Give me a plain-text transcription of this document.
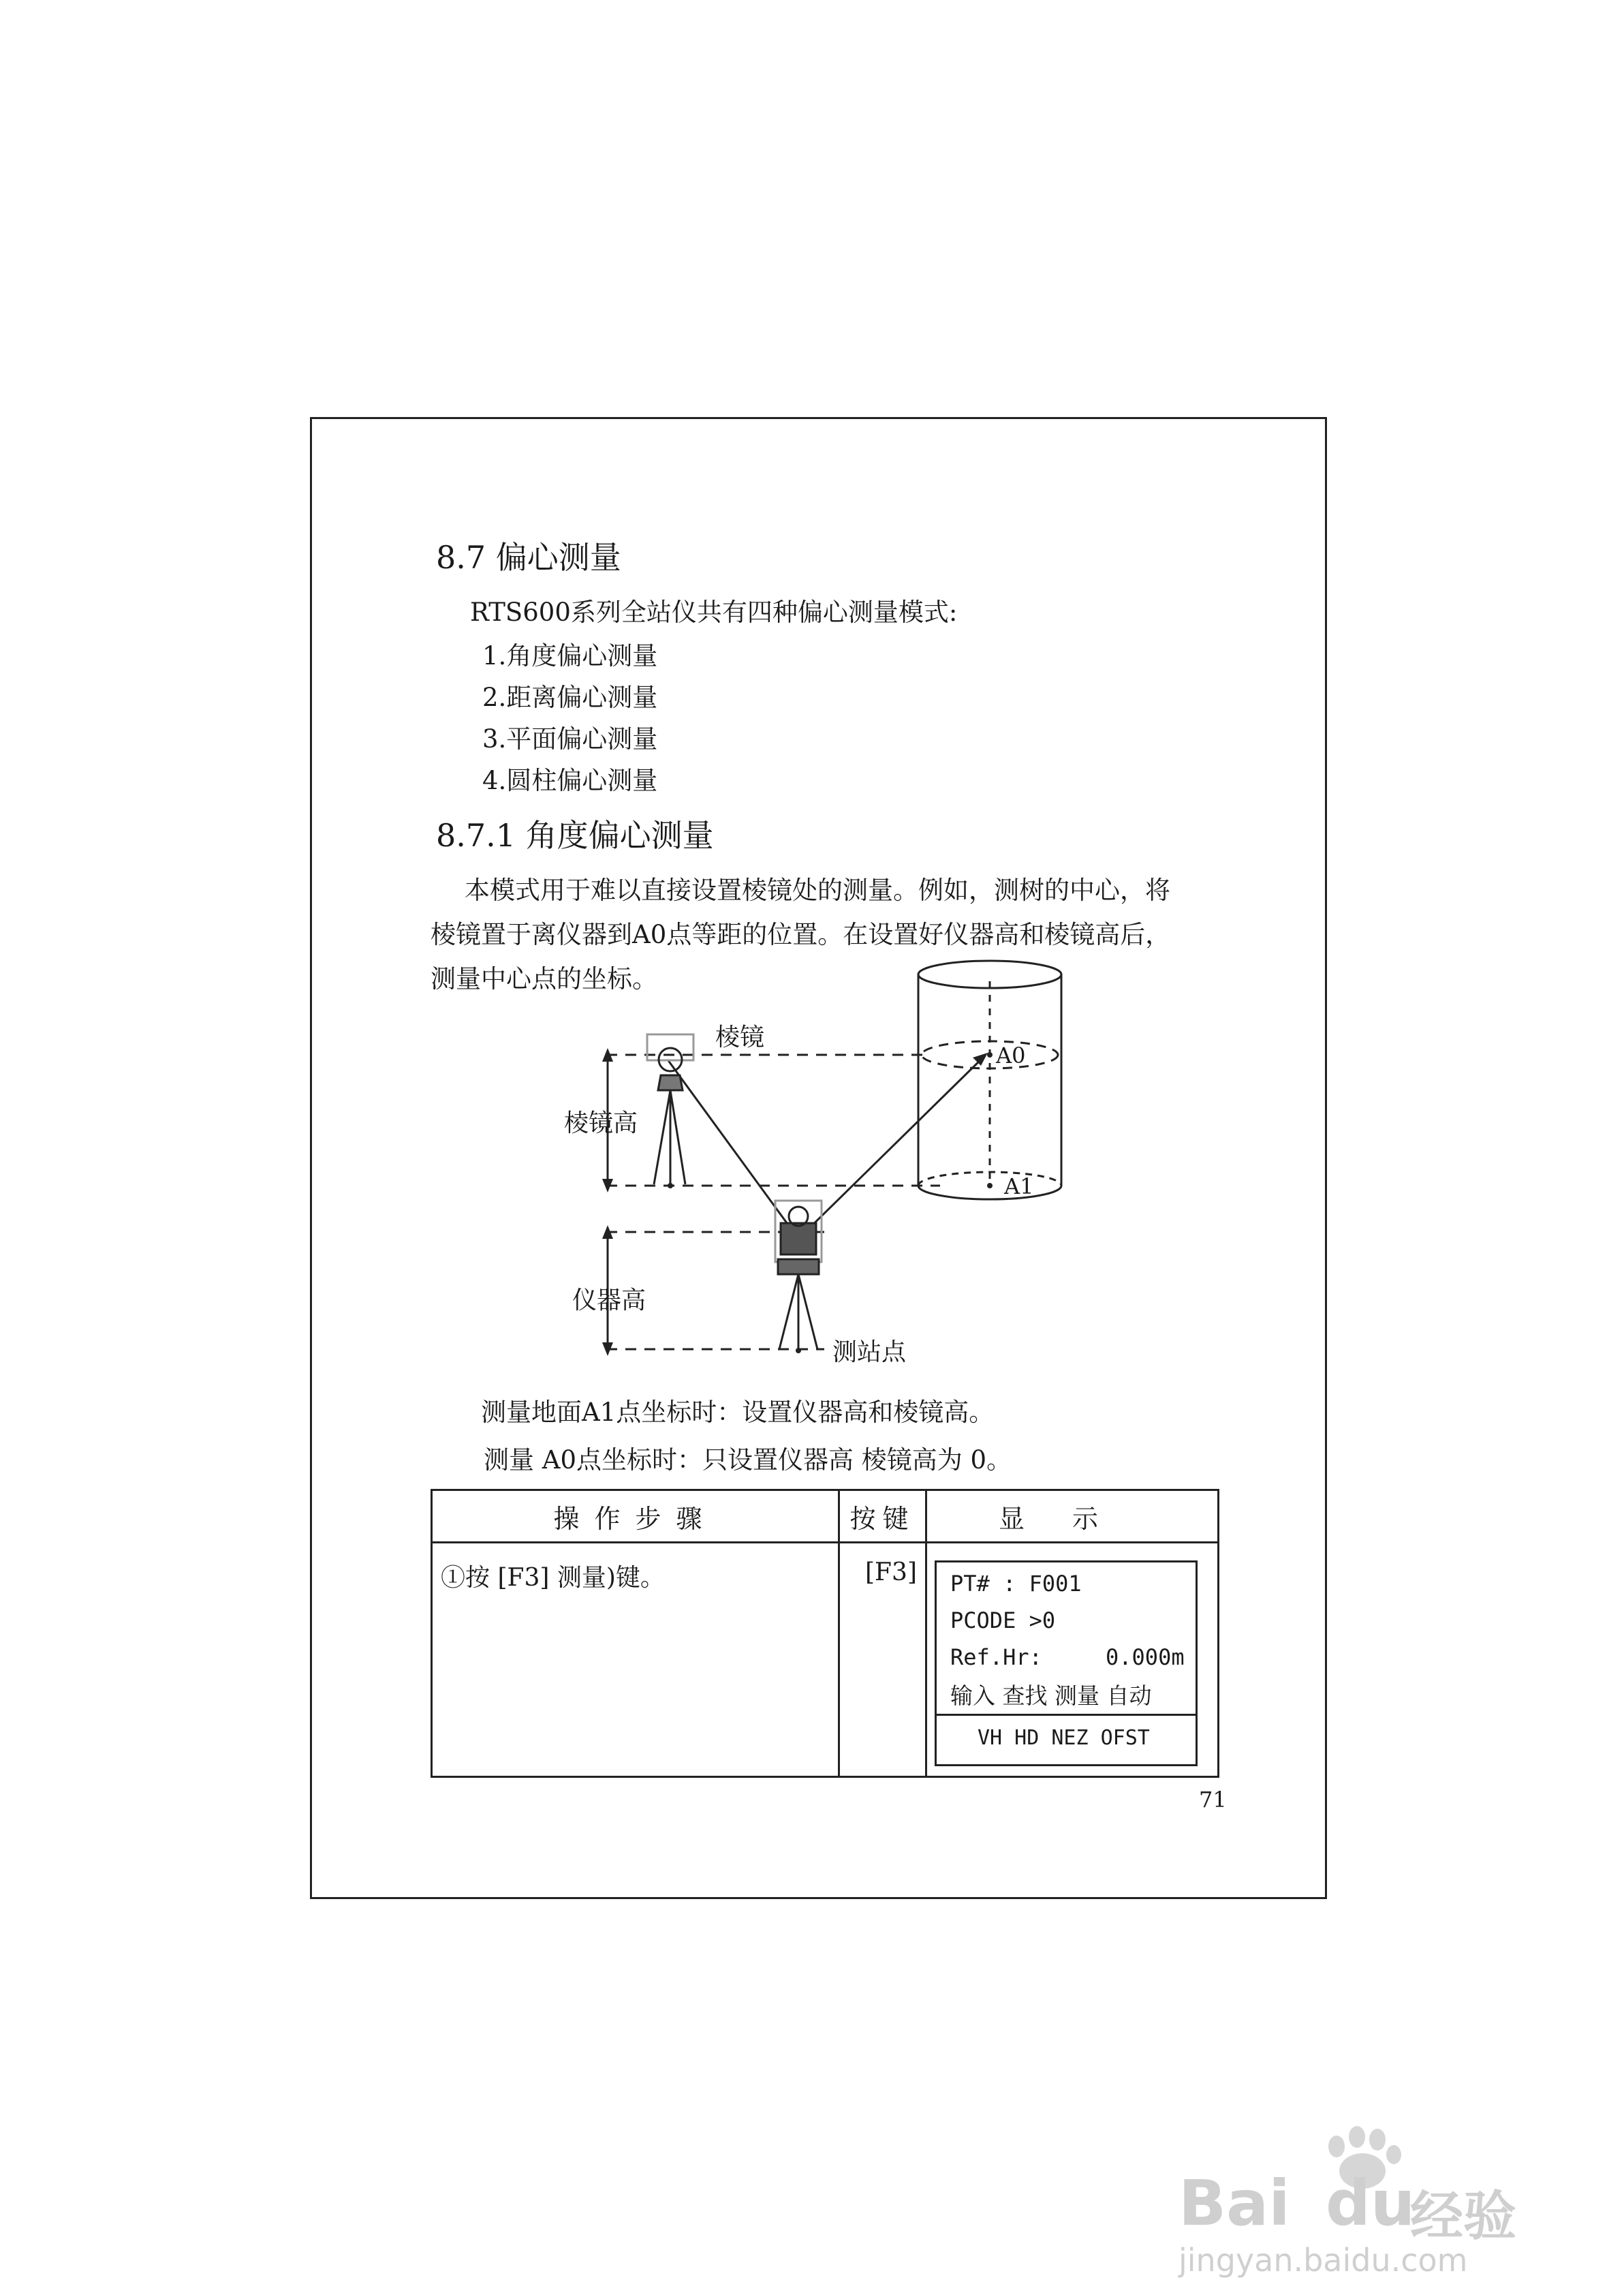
8.7 偏心测量
RTS600系列全站仪共有四种偏心测量模式:
1.角度偏心测量
2.距离偏心测量
3.平面偏心测量
4.圆柱偏心测量
8.7.1 角度偏心测量
本模式用于难以直接设置棱镜处的测量。例如，测树的中心，将
棱镜置于离仪器到A0点等距的位置。在设置好仪器高和棱镜高后，
测量中心点的坐标。
棱镜
棱镜高
仪器高
测站点
A0
A1
测量地面A1点坐标时：设置仪器高和棱镜高。
测量 A0点坐标时：只设置仪器高 棱镜高为 0。
操作步骤	按键	显示
①按 [F3] 测量)键。	[F3]	PT# : F001
PCODE >0
Ref.Hr:	0.000m
输入 查找 测量 自动
VH HD NEZ OFST
71
Bai du
经验
jingyan.baidu.com
